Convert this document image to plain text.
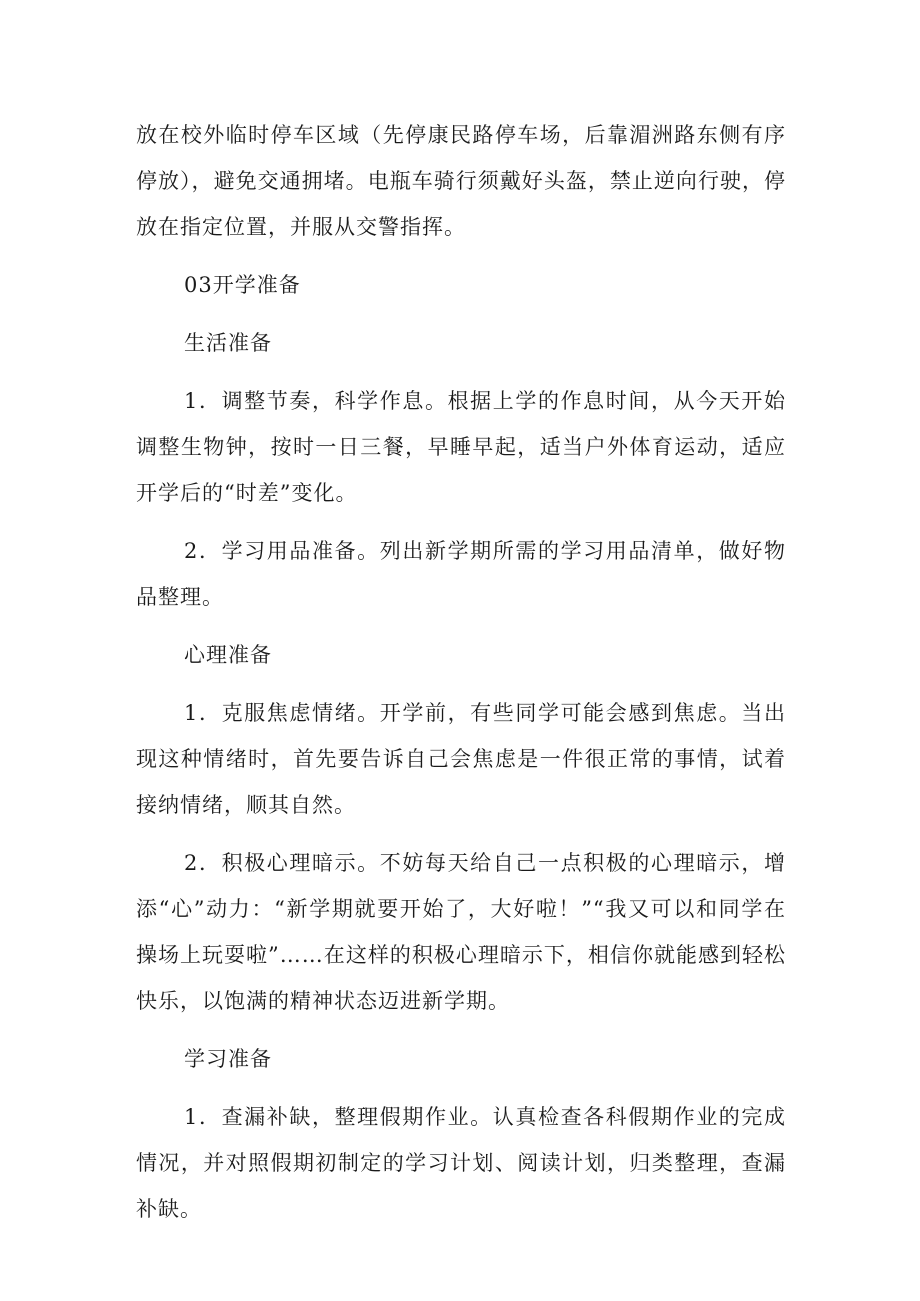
放在校外临时停车区域（先停康民路停车场，后靠湄洲路东侧有序停放），避免交通拥堵。电瓶车骑行须戴好头盔，禁止逆向行驶，停放在指定位置，并服从交警指挥。

03开学准备

生活准备

1．调整节奏，科学作息。根据上学的作息时间，从今天开始调整生物钟，按时一日三餐，早睡早起，适当户外体育运动，适应开学后的“时差”变化。

2．学习用品准备。列出新学期所需的学习用品清单，做好物品整理。

心理准备

1．克服焦虑情绪。开学前，有些同学可能会感到焦虑。当出现这种情绪时，首先要告诉自己会焦虑是一件很正常的事情，试着接纳情绪，顺其自然。

2．积极心理暗示。不妨每天给自己一点积极的心理暗示，增添“心”动力：“新学期就要开始了，大好啦！”“我又可以和同学在操场上玩耍啦”……在这样的积极心理暗示下，相信你就能感到轻松快乐，以饱满的精神状态迈进新学期。

学习准备

1．查漏补缺，整理假期作业。认真检查各科假期作业的完成情况，并对照假期初制定的学习计划、阅读计划，归类整理，查漏补缺。
